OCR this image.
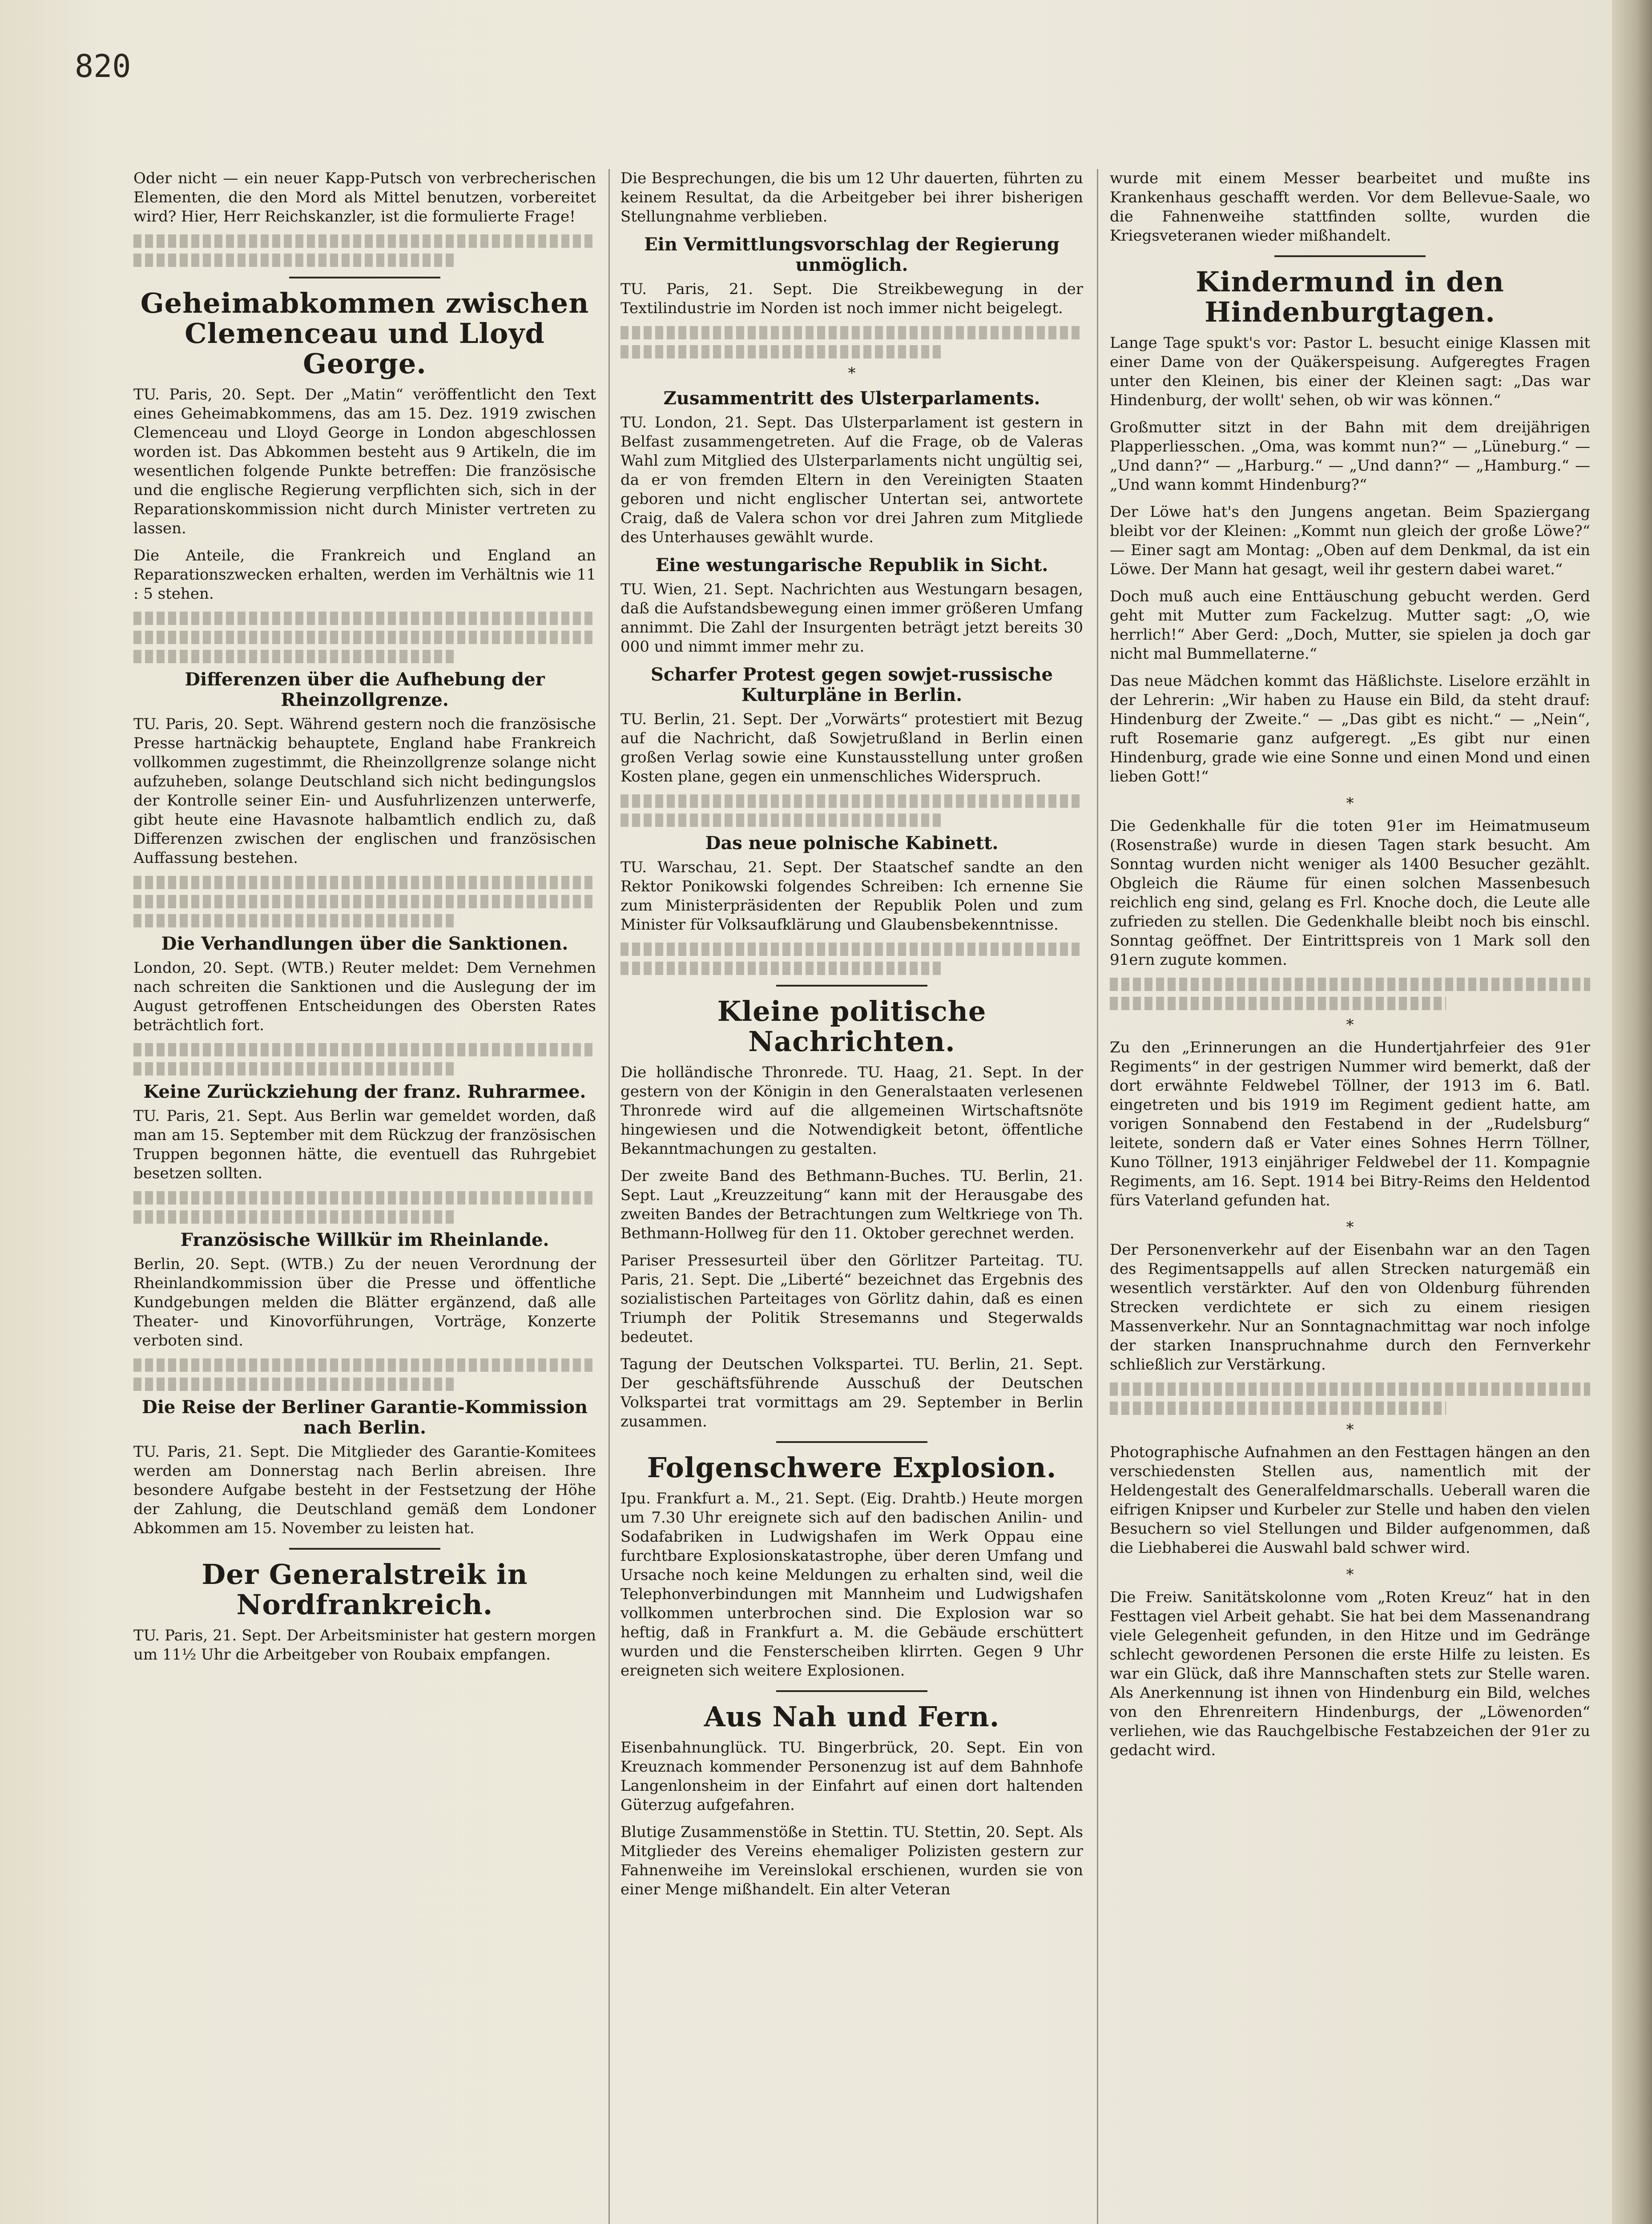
820

Oder nicht — ein neuer Kapp-Putsch von verbrecherischen Elementen, die den Mord als Mittel benutzen, vorbereitet wird? Hier, Herr Reichskanzler, ist die formulierte Frage!

Geheimabkommen zwischen Clemenceau und Lloyd George.

TU. Paris, 20. Sept. Der „Matin“ veröffentlicht den Text eines Geheimabkommens, das am 15. Dez. 1919 zwischen Clemenceau und Lloyd George in London abgeschlossen worden ist. Das Abkommen besteht aus 9 Artikeln, die im wesentlichen folgende Punkte betreffen: Die französische und die englische Regierung verpflichten sich, sich in der Reparationskommission nicht durch Minister vertreten zu lassen.

Die Anteile, die Frankreich und England an Reparationszwecken erhalten, werden im Verhältnis wie 11 : 5 stehen.

Differenzen über die Aufhebung der Rheinzollgrenze.

TU. Paris, 20. Sept. Während gestern noch die französische Presse hartnäckig behauptete, England habe Frankreich vollkommen zugestimmt, die Rheinzollgrenze solange nicht aufzuheben, solange Deutschland sich nicht bedingungslos der Kontrolle seiner Ein- und Ausfuhrlizenzen unterwerfe, gibt heute eine Havasnote halbamtlich endlich zu, daß Differenzen zwischen der englischen und französischen Auffassung bestehen.

Die Verhandlungen über die Sanktionen.

London, 20. Sept. (WTB.) Reuter meldet: Dem Vernehmen nach schreiten die Sanktionen und die Auslegung der im August getroffenen Entscheidungen des Obersten Rates beträchtlich fort.

Keine Zurückziehung der franz. Ruhrarmee.

TU. Paris, 21. Sept. Aus Berlin war gemeldet worden, daß man am 15. September mit dem Rückzug der französischen Truppen begonnen hätte, die eventuell das Ruhrgebiet besetzen sollten.

Französische Willkür im Rheinlande.

Berlin, 20. Sept. (WTB.) Zu der neuen Verordnung der Rheinlandkommission über die Presse und öffentliche Kundgebungen melden die Blätter ergänzend, daß alle Theater- und Kinovorführungen, Vorträge, Konzerte verboten sind.

Die Reise der Berliner Garantie-Kommission nach Berlin.

TU. Paris, 21. Sept. Die Mitglieder des Garantie-Komitees werden am Donnerstag nach Berlin abreisen. Ihre besondere Aufgabe besteht in der Festsetzung der Höhe der Zahlung, die Deutschland gemäß dem Londoner Abkommen am 15. November zu leisten hat.

Der Generalstreik in Nordfrankreich.

TU. Paris, 21. Sept. Der Arbeitsminister hat gestern morgen um 11½ Uhr die Arbeitgeber von Roubaix empfangen.

Die Besprechungen, die bis um 12 Uhr dauerten, führten zu keinem Resultat, da die Arbeitgeber bei ihrer bisherigen Stellungnahme verblieben.

Ein Vermittlungsvorschlag der Regierung unmöglich.

TU. Paris, 21. Sept. Die Streikbewegung in der Textilindustrie im Norden ist noch immer nicht beigelegt.

*
Zusammentritt des Ulsterparlaments.

TU. London, 21. Sept. Das Ulsterparlament ist gestern in Belfast zusammengetreten. Auf die Frage, ob de Valeras Wahl zum Mitglied des Ulsterparlaments nicht ungültig sei, da er von fremden Eltern in den Vereinigten Staaten geboren und nicht englischer Untertan sei, antwortete Craig, daß de Valera schon vor drei Jahren zum Mitgliede des Unterhauses gewählt wurde.

Eine westungarische Republik in Sicht.

TU. Wien, 21. Sept. Nachrichten aus Westungarn besagen, daß die Aufstandsbewegung einen immer größeren Umfang annimmt. Die Zahl der Insurgenten beträgt jetzt bereits 30 000 und nimmt immer mehr zu.

Scharfer Protest gegen sowjet-russische Kulturpläne in Berlin.

TU. Berlin, 21. Sept. Der „Vorwärts“ protestiert mit Bezug auf die Nachricht, daß Sowjetrußland in Berlin einen großen Verlag sowie eine Kunstausstellung unter großen Kosten plane, gegen ein unmenschliches Widerspruch.

Das neue polnische Kabinett.

TU. Warschau, 21. Sept. Der Staatschef sandte an den Rektor Ponikowski folgendes Schreiben: Ich ernenne Sie zum Ministerpräsidenten der Republik Polen und zum Minister für Volksaufklärung und Glaubensbekenntnisse.

Kleine politische Nachrichten.

Die holländische Thronrede. TU. Haag, 21. Sept. In der gestern von der Königin in den Generalstaaten verlesenen Thronrede wird auf die allgemeinen Wirtschaftsnöte hingewiesen und die Notwendigkeit betont, öffentliche Bekanntmachungen zu gestalten.

Der zweite Band des Bethmann-Buches. TU. Berlin, 21. Sept. Laut „Kreuzzeitung“ kann mit der Herausgabe des zweiten Bandes der Betrachtungen zum Weltkriege von Th. Bethmann-Hollweg für den 11. Oktober gerechnet werden.

Pariser Pressesurteil über den Görlitzer Parteitag. TU. Paris, 21. Sept. Die „Liberté“ bezeichnet das Ergebnis des sozialistischen Parteitages von Görlitz dahin, daß es einen Triumph der Politik Stresemanns und Stegerwalds bedeutet.

Tagung der Deutschen Volkspartei. TU. Berlin, 21. Sept. Der geschäftsführende Ausschuß der Deutschen Volkspartei trat vormittags am 29. September in Berlin zusammen.

Folgenschwere Explosion.

Ipu. Frankfurt a. M., 21. Sept. (Eig. Drahtb.) Heute morgen um 7.30 Uhr ereignete sich auf den badischen Anilin- und Sodafabriken in Ludwigshafen im Werk Oppau eine furchtbare Explosionskatastrophe, über deren Umfang und Ursache noch keine Meldungen zu erhalten sind, weil die Telephonverbindungen mit Mannheim und Ludwigshafen vollkommen unterbrochen sind. Die Explosion war so heftig, daß in Frankfurt a. M. die Gebäude erschüttert wurden und die Fensterscheiben klirrten. Gegen 9 Uhr ereigneten sich weitere Explosionen.

Aus Nah und Fern.

Eisenbahnunglück. TU. Bingerbrück, 20. Sept. Ein von Kreuznach kommender Personenzug ist auf dem Bahnhofe Langenlonsheim in der Einfahrt auf einen dort haltenden Güterzug aufgefahren.

Blutige Zusammenstöße in Stettin. TU. Stettin, 20. Sept. Als Mitglieder des Vereins ehemaliger Polizisten gestern zur Fahnenweihe im Vereinslokal erschienen, wurden sie von einer Menge mißhandelt. Ein alter Veteran

wurde mit einem Messer bearbeitet und mußte ins Krankenhaus geschafft werden. Vor dem Bellevue-Saale, wo die Fahnenweihe stattfinden sollte, wurden die Kriegsveteranen wieder mißhandelt.

Kindermund in den Hindenburgtagen.

Lange Tage spukt's vor: Pastor L. besucht einige Klassen mit einer Dame von der Quäkerspeisung. Aufgeregtes Fragen unter den Kleinen, bis einer der Kleinen sagt: „Das war Hindenburg, der wollt' sehen, ob wir was können.“

Großmutter sitzt in der Bahn mit dem dreijährigen Plapperliesschen. „Oma, was kommt nun?“ — „Lüneburg.“ — „Und dann?“ — „Harburg.“ — „Und dann?“ — „Hamburg.“ — „Und wann kommt Hindenburg?“

Der Löwe hat's den Jungens angetan. Beim Spaziergang bleibt vor der Kleinen: „Kommt nun gleich der große Löwe?“ — Einer sagt am Montag: „Oben auf dem Denkmal, da ist ein Löwe. Der Mann hat gesagt, weil ihr gestern dabei waret.“

Doch muß auch eine Enttäuschung gebucht werden. Gerd geht mit Mutter zum Fackelzug. Mutter sagt: „O, wie herrlich!“ Aber Gerd: „Doch, Mutter, sie spielen ja doch gar nicht mal Bummellaterne.“

Das neue Mädchen kommt das Häßlichste. Liselore erzählt in der Lehrerin: „Wir haben zu Hause ein Bild, da steht drauf: Hindenburg der Zweite.“ — „Das gibt es nicht.“ — „Nein“, ruft Rosemarie ganz aufgeregt. „Es gibt nur einen Hindenburg, grade wie eine Sonne und einen Mond und einen lieben Gott!“

*

Die Gedenkhalle für die toten 91er im Heimatmuseum (Rosenstraße) wurde in diesen Tagen stark besucht. Am Sonntag wurden nicht weniger als 1400 Besucher gezählt. Obgleich die Räume für einen solchen Massenbesuch reichlich eng sind, gelang es Frl. Knoche doch, die Leute alle zufrieden zu stellen. Die Gedenkhalle bleibt noch bis einschl. Sonntag geöffnet. Der Eintrittspreis von 1 Mark soll den 91ern zugute kommen.

*

Zu den „Erinnerungen an die Hundertjahrfeier des 91er Regiments“ in der gestrigen Nummer wird bemerkt, daß der dort erwähnte Feldwebel Töllner, der 1913 im 6. Batl. eingetreten und bis 1919 im Regiment gedient hatte, am vorigen Sonnabend den Festabend in der „Rudelsburg“ leitete, sondern daß er Vater eines Sohnes Herrn Töllner, Kuno Töllner, 1913 einjähriger Feldwebel der 11. Kompagnie Regiments, am 16. Sept. 1914 bei Bitry-Reims den Heldentod fürs Vaterland gefunden hat.

*

Der Personenverkehr auf der Eisenbahn war an den Tagen des Regimentsappells auf allen Strecken naturgemäß ein wesentlich verstärkter. Auf den von Oldenburg führenden Strecken verdichtete er sich zu einem riesigen Massenverkehr. Nur an Sonntagnachmittag war noch infolge der starken Inanspruchnahme durch den Fernverkehr schließlich zur Verstärkung.

*

Photographische Aufnahmen an den Festtagen hängen an den verschiedensten Stellen aus, namentlich mit der Heldengestalt des Generalfeldmarschalls. Ueberall waren die eifrigen Knipser und Kurbeler zur Stelle und haben den vielen Besuchern so viel Stellungen und Bilder aufgenommen, daß die Liebhaberei die Auswahl bald schwer wird.

*

Die Freiw. Sanitätskolonne vom „Roten Kreuz“ hat in den Festtagen viel Arbeit gehabt. Sie hat bei dem Massenandrang viele Gelegenheit gefunden, in den Hitze und im Gedränge schlecht gewordenen Personen die erste Hilfe zu leisten. Es war ein Glück, daß ihre Mannschaften stets zur Stelle waren. Als Anerkennung ist ihnen von Hindenburg ein Bild, welches von den Ehrenreitern Hindenburgs, der „Löwenorden“ verliehen, wie das Rauchgelbische Festabzeichen der 91er zu gedacht wird.
